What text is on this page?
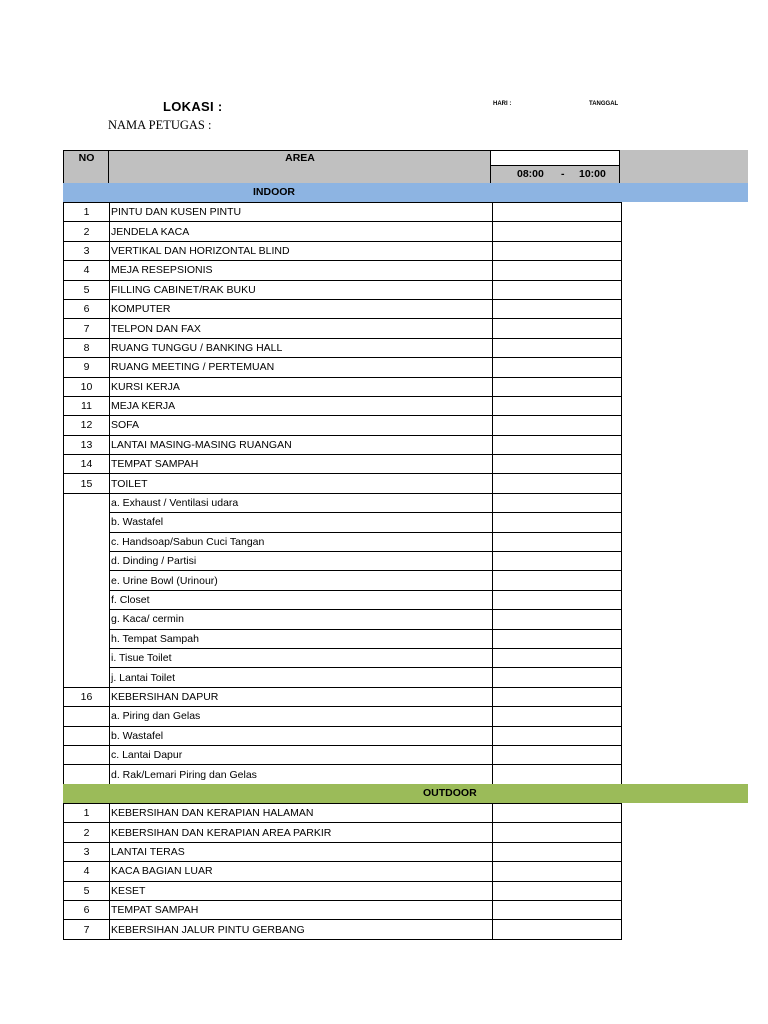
LOKASI :
NAMA PETUGAS :
HARI :	TANGGAL
NO	AREA
08:00 - 10:00
INDOOR
1	PINTU DAN KUSEN PINTU	
2	JENDELA KACA	
3	VERTIKAL DAN HORIZONTAL BLIND	
4	MEJA RESEPSIONIS	
5	FILLING CABINET/RAK BUKU	
6	KOMPUTER	
7	TELPON DAN FAX	
8	RUANG TUNGGU / BANKING HALL	
9	RUANG MEETING / PERTEMUAN	
10	KURSI KERJA	
11	MEJA KERJA	
12	SOFA	
13	LANTAI MASING-MASING RUANGAN	
14	TEMPAT SAMPAH	
15	TOILET	
	a. Exhaust / Ventilasi udara	
	b. Wastafel	
	c. Handsoap/Sabun Cuci Tangan	
	d. Dinding / Partisi	
	e. Urine Bowl (Urinour)	
	f. Closet	
	g. Kaca/ cermin	
	h. Tempat Sampah	
	i. Tisue Toilet	
	j. Lantai Toilet	
16	KEBERSIHAN DAPUR	
	a. Piring dan Gelas	
	b. Wastafel	
	c. Lantai Dapur	
	d. Rak/Lemari Piring dan Gelas	
OUTDOOR
1	KEBERSIHAN DAN KERAPIAN HALAMAN	
2	KEBERSIHAN DAN KERAPIAN AREA PARKIR	
3	LANTAI TERAS	
4	KACA BAGIAN LUAR	
5	KESET	
6	TEMPAT SAMPAH	
7	KEBERSIHAN JALUR PINTU GERBANG	
